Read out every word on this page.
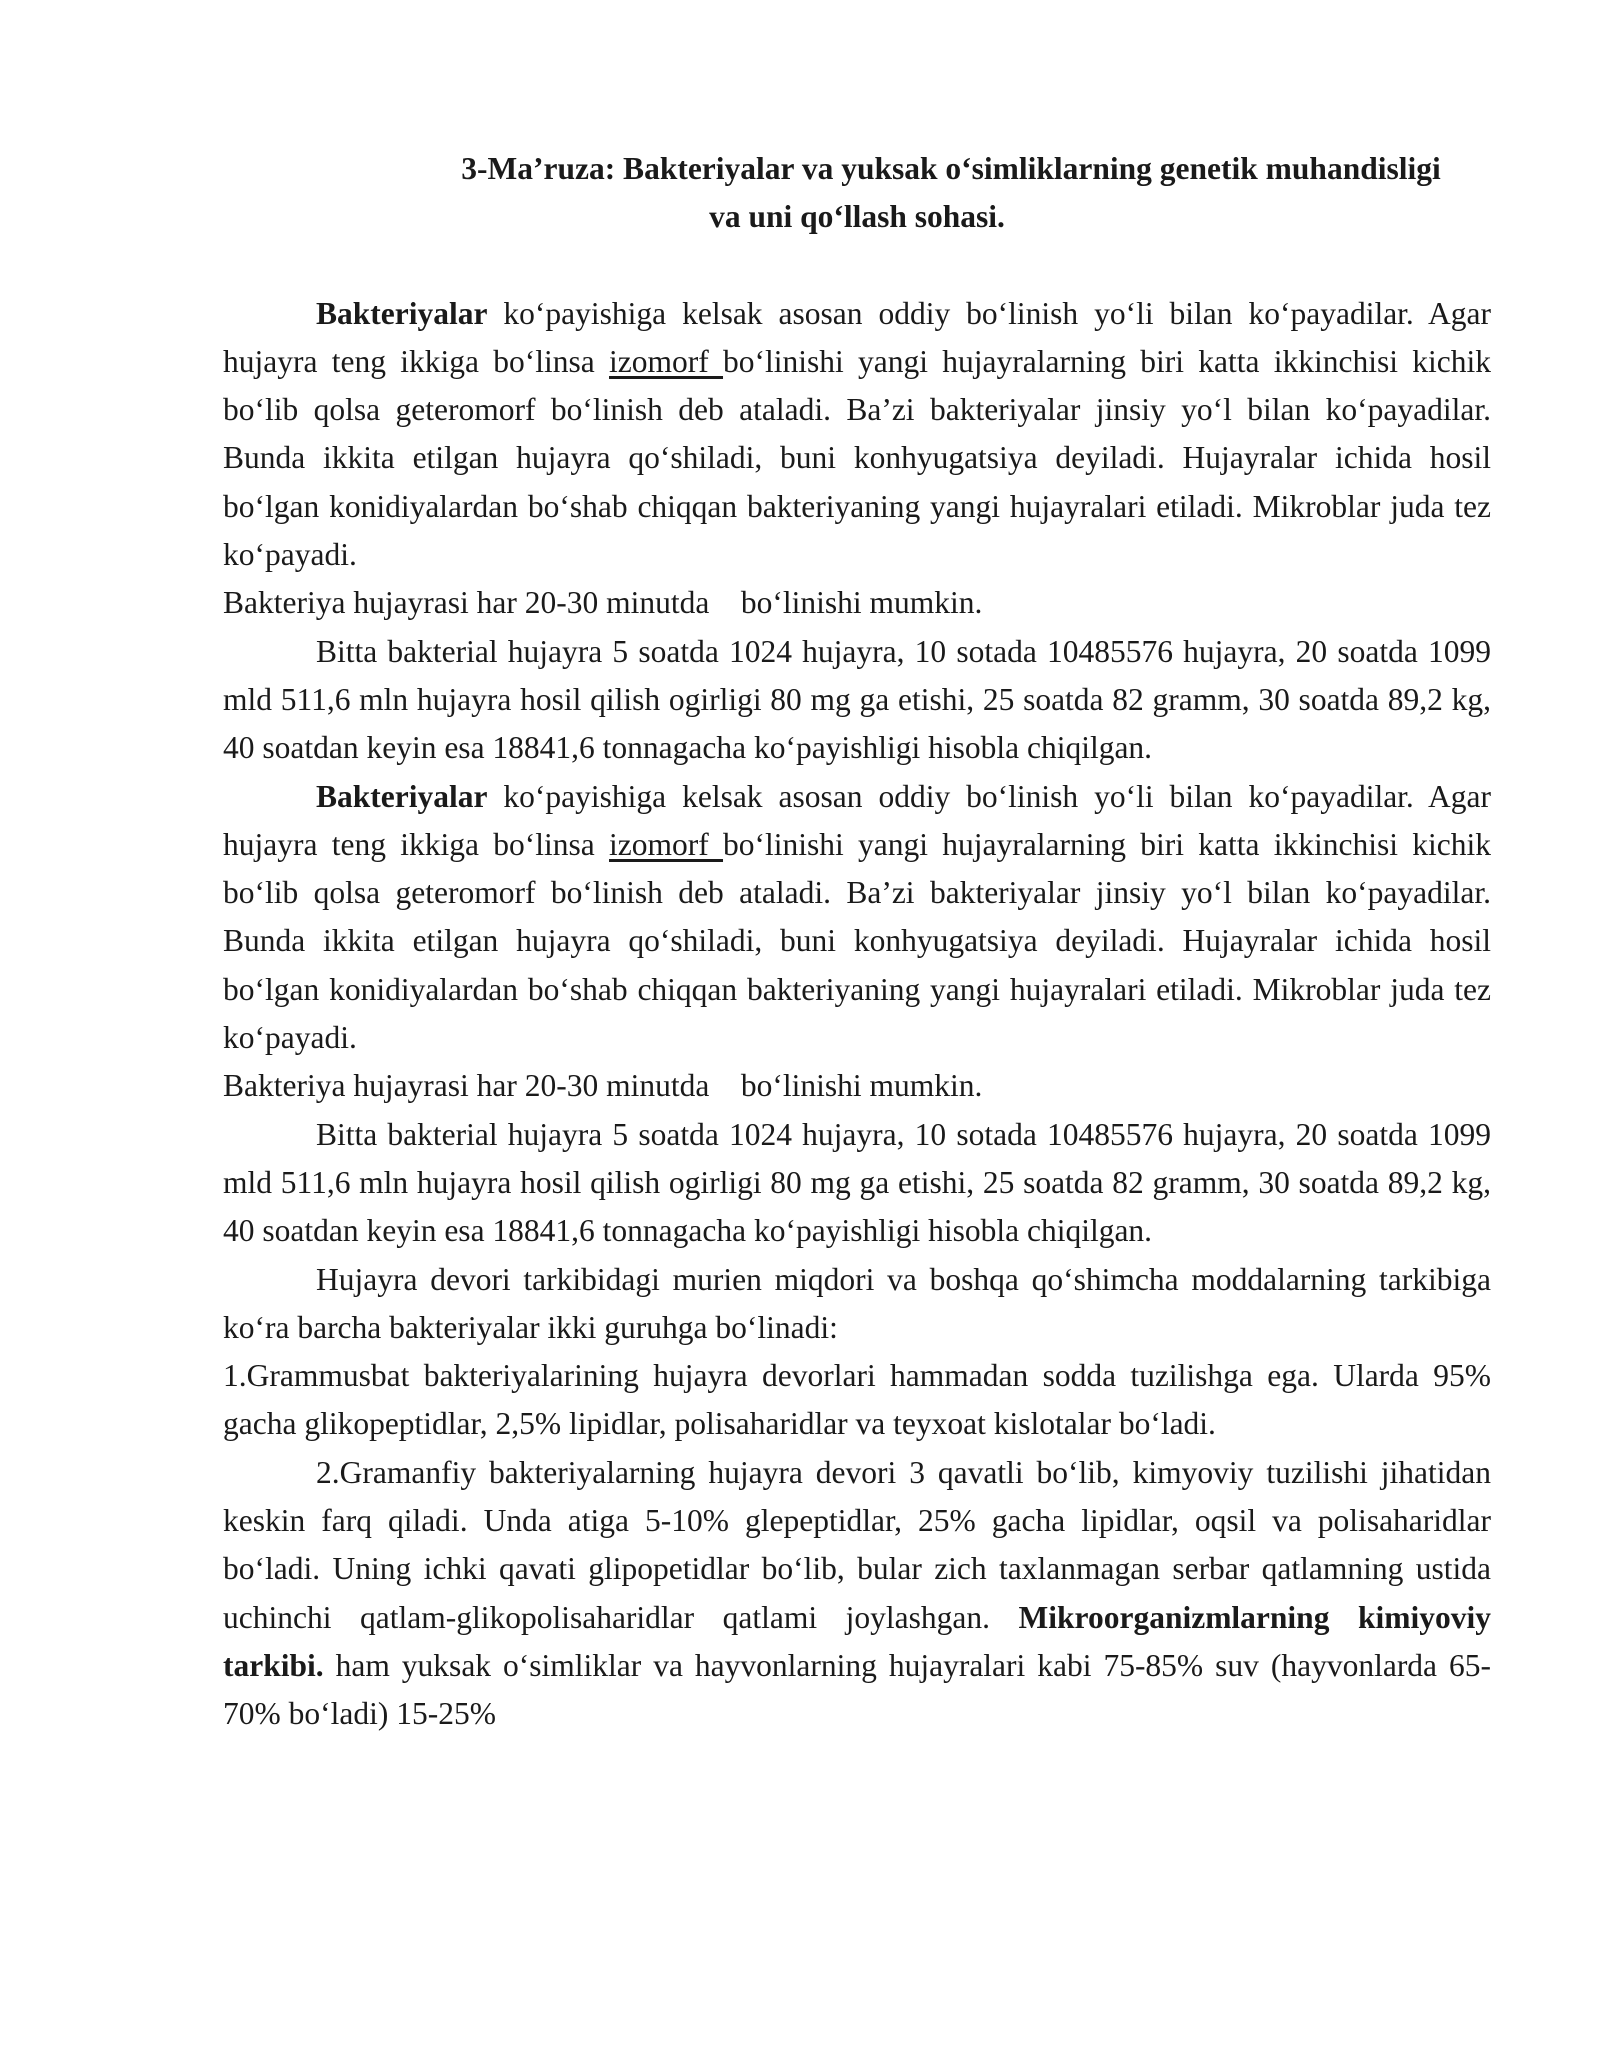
3-Ma’ruza: Bakteriyalar va yuksak o‘simliklarning genetik muhandisligi

va uni qo‘llash sohasi.

Bakteriyalar ko‘payishiga kelsak asosan oddiy bo‘linish yo‘li bilan ko‘payadilar. Agar hujayra teng ikkiga bo‘linsa izomorf bo‘linishi yangi hujayralarning biri katta ikkinchisi kichik bo‘lib qolsa geteromorf bo‘linish deb ataladi. Ba’zi bakteriyalar jinsiy yo‘l bilan ko‘payadilar. Bunda ikkita etilgan hujayra qo‘shiladi, buni konhyugatsiya deyiladi. Hujayralar ichida hosil bo‘lgan konidiyalardan bo‘shab chiqqan bakteriyaning yangi hujayralari etiladi. Mikroblar juda tez ko‘payadi.
Bakteriya hujayrasi har 20-30 minutda    bo‘linishi mumkin.

Bitta bakterial hujayra 5 soatda 1024 hujayra, 10 sotada 10485576 hujayra, 20 soatda 1099 mld 511,6 mln hujayra hosil qilish ogirligi 80 mg ga etishi, 25 soatda 82 gramm, 30 soatda 89,2 kg, 40 soatdan keyin esa 18841,6 tonnagacha ko‘payishligi hisobla chiqilgan.

Bakteriyalar ko‘payishiga kelsak asosan oddiy bo‘linish yo‘li bilan ko‘payadilar. Agar hujayra teng ikkiga bo‘linsa izomorf bo‘linishi yangi hujayralarning biri katta ikkinchisi kichik bo‘lib qolsa geteromorf bo‘linish deb ataladi. Ba’zi bakteriyalar jinsiy yo‘l bilan ko‘payadilar. Bunda ikkita etilgan hujayra qo‘shiladi, buni konhyugatsiya deyiladi. Hujayralar ichida hosil bo‘lgan konidiyalardan bo‘shab chiqqan bakteriyaning yangi hujayralari etiladi. Mikroblar juda tez ko‘payadi.
Bakteriya hujayrasi har 20-30 minutda    bo‘linishi mumkin.

Bitta bakterial hujayra 5 soatda 1024 hujayra, 10 sotada 10485576 hujayra, 20 soatda 1099 mld 511,6 mln hujayra hosil qilish ogirligi 80 mg ga etishi, 25 soatda 82 gramm, 30 soatda 89,2 kg, 40 soatdan keyin esa 18841,6 tonnagacha ko‘payishligi hisobla chiqilgan.

Hujayra devori tarkibidagi murien miqdori va boshqa qo‘shimcha moddalarning tarkibiga ko‘ra barcha bakteriyalar ikki guruhga bo‘linadi:

1.Grammusbat bakteriyalarining hujayra devorlari hammadan sodda tuzilishga ega. Ularda 95% gacha glikopeptidlar, 2,5% lipidlar, polisaharidlar va teyxoat kislotalar bo‘ladi.

2.Gramanfiy bakteriyalarning hujayra devori 3 qavatli bo‘lib, kimyoviy tuzilishi jihatidan keskin farq qiladi. Unda atiga 5-10% glepeptidlar, 25% gacha lipidlar, oqsil va polisaharidlar bo‘ladi. Uning ichki qavati glipopetidlar bo‘lib, bular zich taxlanmagan serbar qatlamning ustida uchinchi qatlam-glikopolisaharidlar qatlami joylashgan. Mikroorganizmlarning kimiyoviy tarkibi. ham yuksak o‘simliklar va hayvonlarning hujayralari kabi 75-85% suv (hayvonlarda 65-70% bo‘ladi) 15-25%
